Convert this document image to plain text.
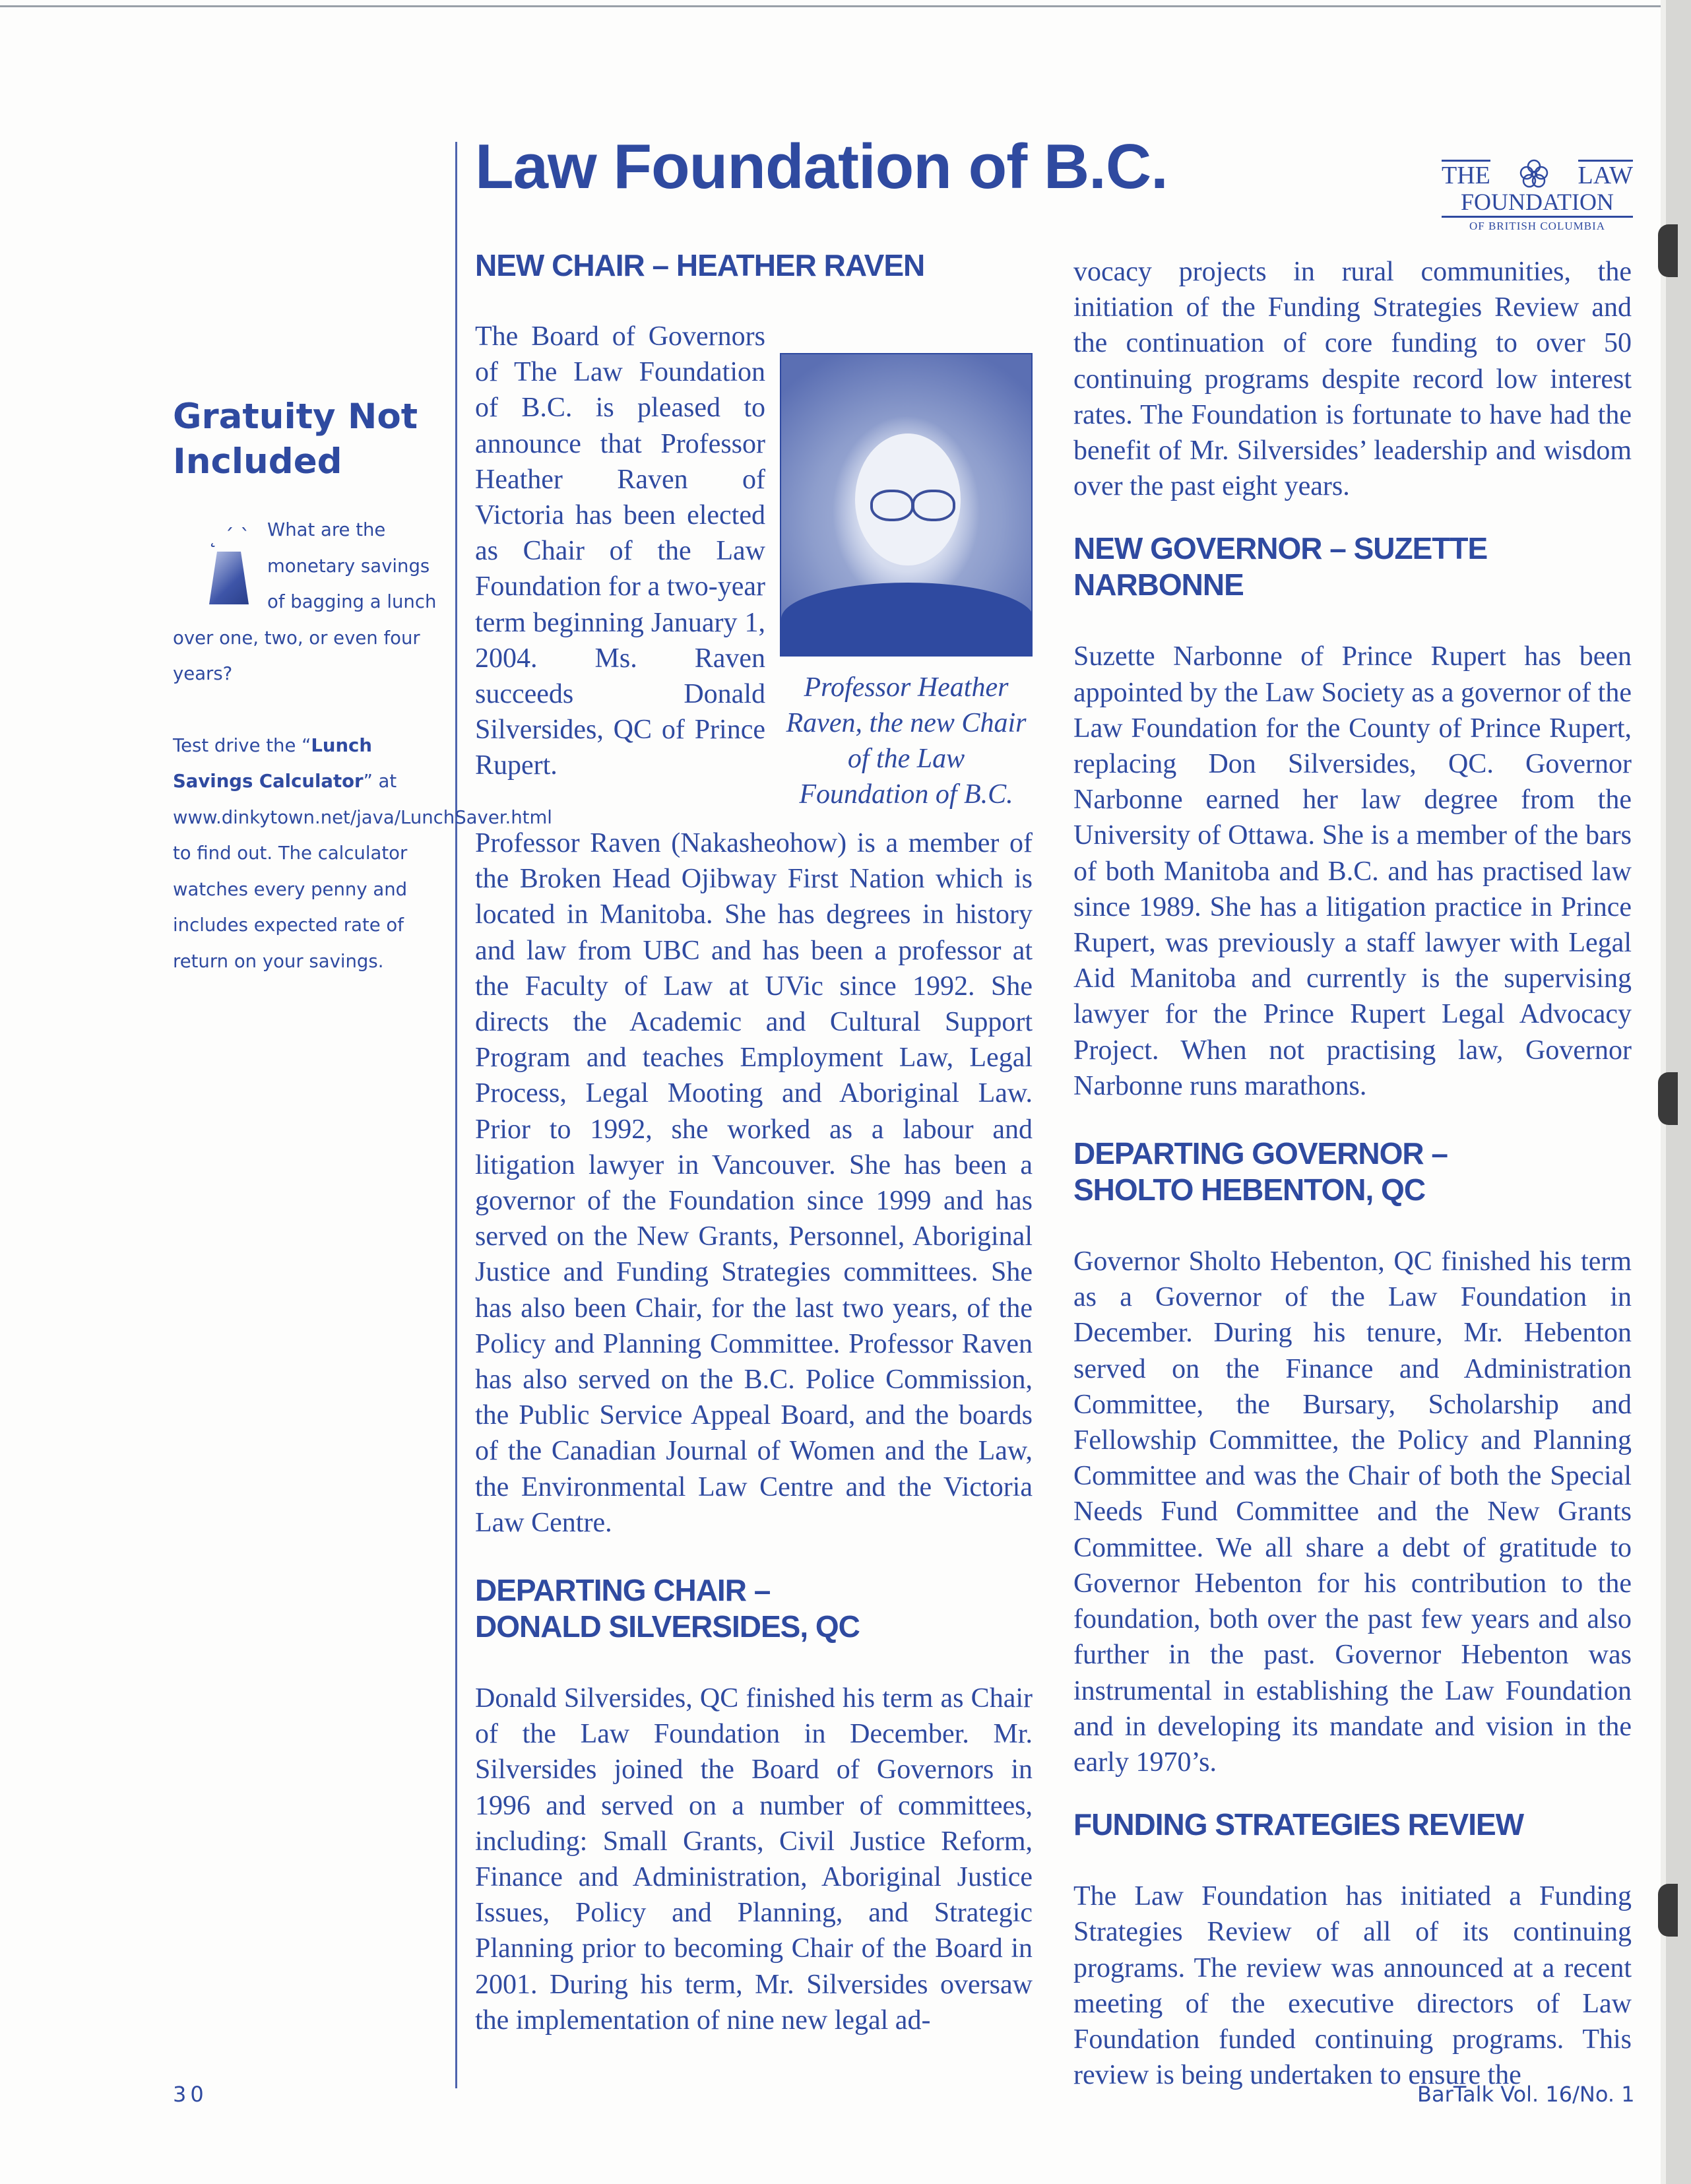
Law Foundation of B.C.	THE	LAW
FOUNDATION
OF BRITISH COLUMBIA
Gratuity Not Included
˛ ˊ ˋ What are the monetary savings of bagging a lunch over one, two, or even four years?

Test drive the “Lunch Savings Calculator” at www.dinkytown.net/java/LunchSaver.html to find out. The calculator watches every penny and includes expected rate of return on your savings.

NEW CHAIR – HEATHER RAVEN
Professor Heather Raven, the new Chair of the Law Foundation of B.C.

The Board of Governors of The Law Foundation of B.C. is pleased to announce that Professor Heather Raven of Victoria has been elected as Chair of the Law Foundation for a two-year term beginning January 1, 2004. Ms. Raven succeeds Donald Silversides, QC of Prince Rupert.

Professor Raven (Nakasheohow) is a member of the Broken Head Ojibway First Nation which is located in Manitoba. She has degrees in history and law from UBC and has been a professor at the Faculty of Law at UVic since 1992. She directs the Academic and Cultural Support Program and teaches Employment Law, Legal Process, Legal Mooting and Aboriginal Law. Prior to 1992, she worked as a labour and litigation lawyer in Vancouver. She has been a governor of the Foundation since 1999 and has served on the New Grants, Personnel, Aboriginal Justice and Funding Strategies committees. She has also been Chair, for the last two years, of the Policy and Planning Committee. Professor Raven has also served on the B.C. Police Commission, the Public Service Appeal Board, and the boards of the Canadian Journal of Women and the Law, the Environmental Law Centre and the Victoria Law Centre.

DEPARTING CHAIR –
DONALD SILVERSIDES, QC

Donald Silversides, QC finished his term as Chair of the Law Foundation in December. Mr. Silversides joined the Board of Governors in 1996 and served on a number of committees, including: Small Grants, Civil Justice Reform, Finance and Administration, Aboriginal Justice Issues, Policy and Planning, and Strategic Planning prior to becoming Chair of the Board in 2001. During his term, Mr. Silversides oversaw the implementation of nine new legal ad-

vocacy projects in rural communities, the initiation of the Funding Strategies Review and the continuation of core funding to over 50 continuing programs despite record low interest rates. The Foundation is fortunate to have had the benefit of Mr. Silversides’ leadership and wisdom over the past eight years.

NEW GOVERNOR – SUZETTE NARBONNE

Suzette Narbonne of Prince Rupert has been appointed by the Law Society as a governor of the Law Foundation for the County of Prince Rupert, replacing Don Silversides, QC. Governor Narbonne earned her law degree from the University of Ottawa. She is a member of the bars of both Manitoba and B.C. and has practised law since 1989. She has a litigation practice in Prince Rupert, was previously a staff lawyer with Legal Aid Manitoba and currently is the supervising lawyer for the Prince Rupert Legal Advocacy Project. When not practising law, Governor Narbonne runs marathons.

DEPARTING GOVERNOR –
SHOLTO HEBENTON, QC

Governor Sholto Hebenton, QC finished his term as a Governor of the Law Foundation in December. During his tenure, Mr. Hebenton served on the Finance and Administration Committee, the Bursary, Scholarship and Fellowship Committee, the Policy and Planning Committee and was the Chair of both the Special Needs Fund Committee and the New Grants Committee. We all share a debt of gratitude to Governor Hebenton for his contribution to the foundation, both over the past few years and also further in the past. Governor Hebenton was instrumental in establishing the Law Foundation and in developing its mandate and vision in the early 1970’s.

FUNDING STRATEGIES REVIEW

The Law Foundation has initiated a Funding Strategies Review of all of its continuing programs. The review was announced at a recent meeting of the executive directors of Law Foundation funded continuing programs. This review is being undertaken to ensure the

30	BarTalk Vol. 16/No. 1
